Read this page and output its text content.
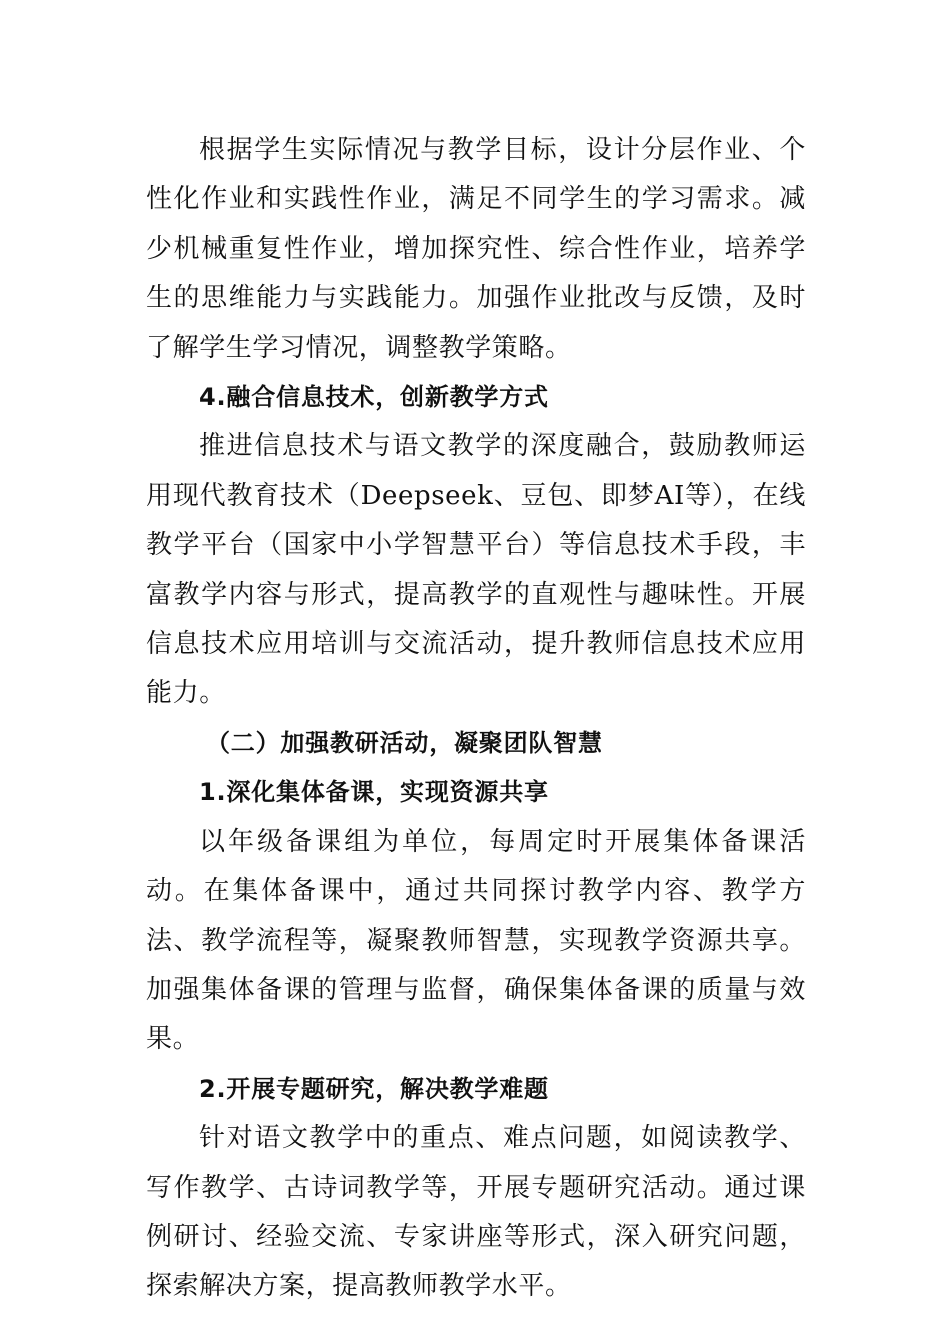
根据学生实际情况与教学目标，设计分层作业、个性化作业和实践性作业，满足不同学生的学习需求。减少机械重复性作业，增加探究性、综合性作业，培养学生的思维能力与实践能力。加强作业批改与反馈，及时了解学生学习情况，调整教学策略。

4.融合信息技术，创新教学方式

推进信息技术与语文教学的深度融合，鼓励教师运用现代教育技术（Deepseek、豆包、即梦AI等），在线教学平台（国家中小学智慧平台）等信息技术手段，丰富教学内容与形式，提高教学的直观性与趣味性。开展信息技术应用培训与交流活动，提升教师信息技术应用能力。

（二）加强教研活动，凝聚团队智慧

1.深化集体备课，实现资源共享

以年级备课组为单位，每周定时开展集体备课活动。在集体备课中，通过共同探讨教学内容、教学方法、教学流程等，凝聚教师智慧，实现教学资源共享。加强集体备课的管理与监督，确保集体备课的质量与效果。

2.开展专题研究，解决教学难题

针对语文教学中的重点、难点问题，如阅读教学、写作教学、古诗词教学等，开展专题研究活动。通过课例研讨、经验交流、专家讲座等形式，深入研究问题，探索解决方案，提高教师教学水平。
